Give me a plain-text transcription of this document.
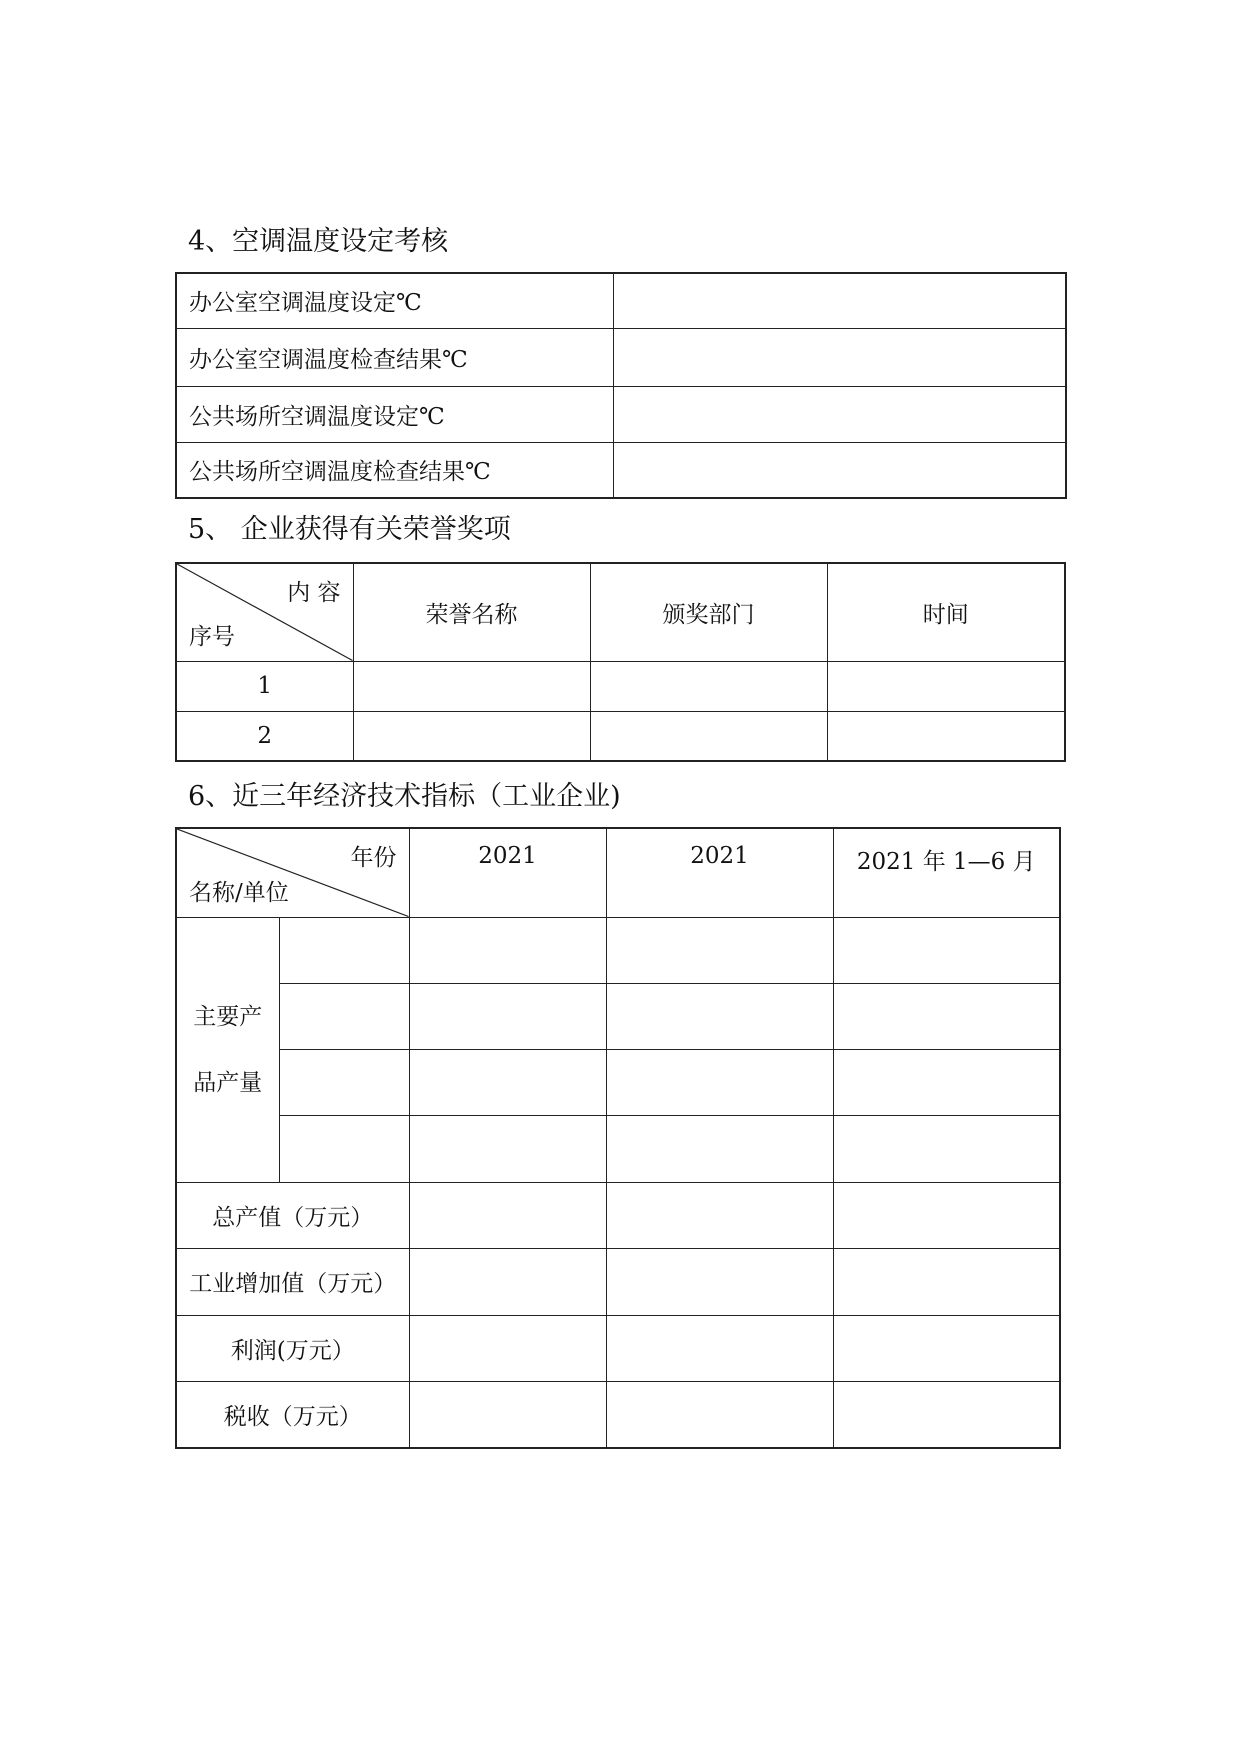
4、空调温度设定考核
办公室空调温度设定℃	
办公室空调温度检查结果℃	
公共场所空调温度设定℃	
公共场所空调温度检查结果℃	
5、 企业获得有关荣誉奖项
内 容
序号	荣誉名称	颁奖部门	时间
1			
2			
6、近三年经济技术指标（工业企业)
年份
名称/单位		2021	2021	2021 年 1—6 月
主要产
品产量				

总产值（万元）				
工业增加值（万元）				
利润(万元）				
税收（万元）				
